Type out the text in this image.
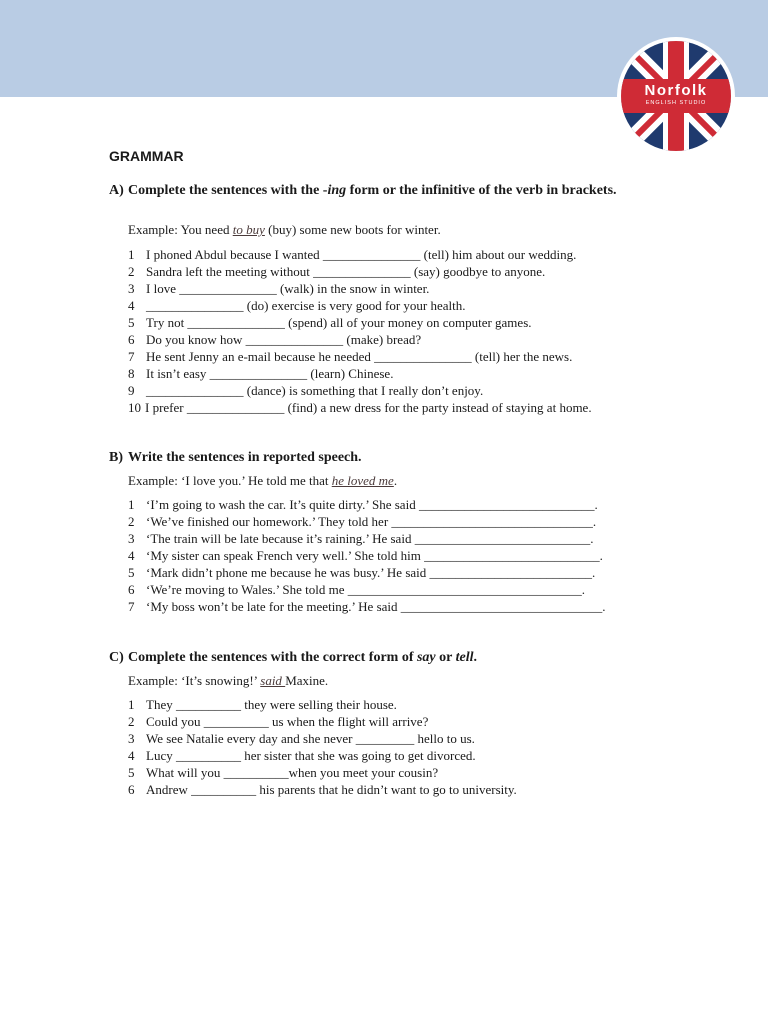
Norfolk
ENGLISH STUDIO
GRAMMAR
A) Complete the sentences with the -ing form or the infinitive of the verb in brackets.
Example: You need to buy (buy) some new boots for winter.
1 I phoned Abdul because I wanted _______________ (tell) him about our wedding.
2 Sandra left the meeting without _______________ (say) goodbye to anyone.
3 I love _______________ (walk) in the snow in winter.
4 _______________ (do) exercise is very good for your health.
5 Try not _______________ (spend) all of your money on computer games.
6 Do you know how _______________ (make) bread?
7 He sent Jenny an e-mail because he needed _______________ (tell) her the news.
8 It isn’t easy _______________ (learn) Chinese.
9 _______________ (dance) is something that I really don’t enjoy.
10 I prefer _______________ (find) a new dress for the party instead of staying at home.
B) Write the sentences in reported speech.
Example: ‘I love you.’ He told me that he loved me.
1 ‘I’m going to wash the car. It’s quite dirty.’ She said ___________________________.
2 ‘We’ve finished our homework.’ They told her _______________________________.
3 ‘The train will be late because it’s raining.’ He said ___________________________.
4 ‘My sister can speak French very well.’ She told him ___________________________.
5 ‘Mark didn’t phone me because he was busy.’ He said _________________________.
6 ‘We’re moving to Wales.’ She told me ____________________________________.
7 ‘My boss won’t be late for the meeting.’ He said _______________________________.
C) Complete the sentences with the correct form of say or tell.
Example: ‘It’s snowing!’ said Maxine.
1 They __________ they were selling their house.
2 Could you __________ us when the flight will arrive?
3 We see Natalie every day and she never _________ hello to us.
4 Lucy __________ her sister that she was going to get divorced.
5 What will you __________when you meet your cousin?
6 Andrew __________ his parents that he didn’t want to go to university.
